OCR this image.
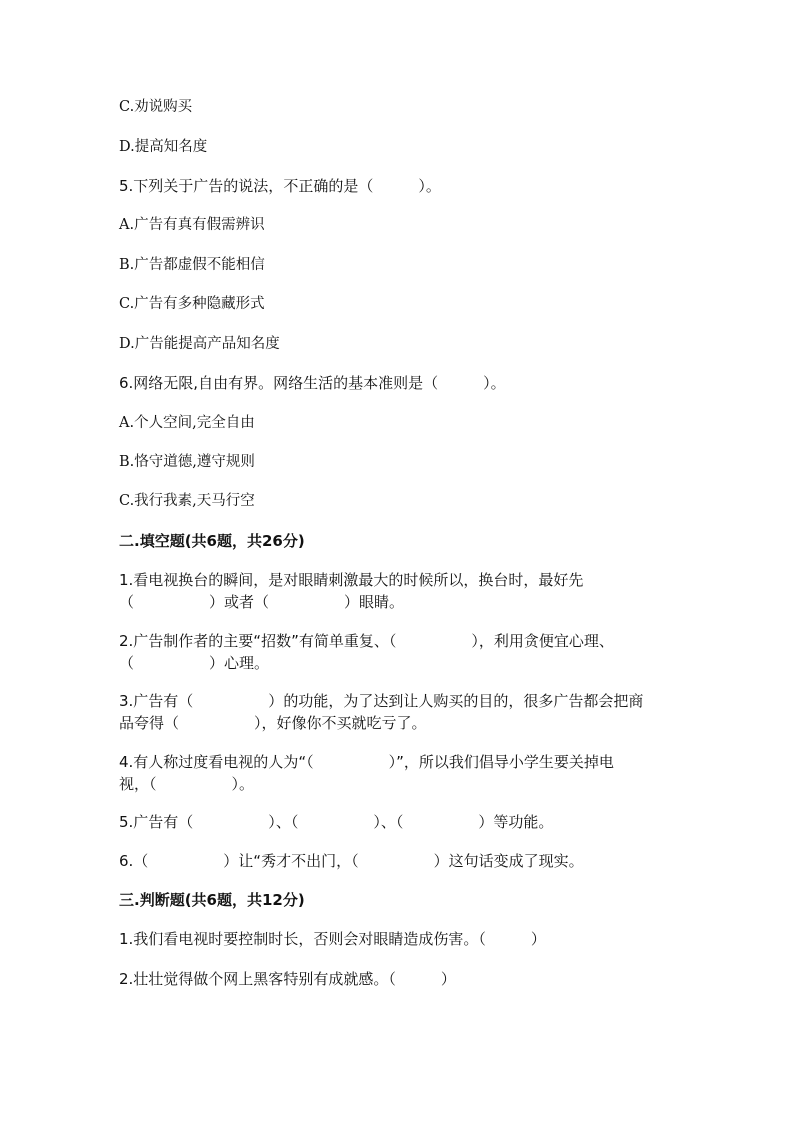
C.劝说购买
D.提高知名度
5.下列关于广告的说法，不正确的是（　　　）。
A.广告有真有假需辨识
B.广告都虚假不能相信
C.广告有多种隐藏形式
D.广告能提高产品知名度
6.网络无限,自由有界。网络生活的基本准则是（　　　）。
A.个人空间,完全自由
B.恪守道德,遵守规则
C.我行我素,天马行空
二.填空题(共6题，共26分)
1.看电视换台的瞬间，是对眼睛刺激最大的时候所以，换台时，最好先
（　　　　　）或者（　　　　　）眼睛。
2.广告制作者的主要“招数”有简单重复、（　　　　　），利用贪便宜心理、
（　　　　　）心理。
3.广告有（　　　　　）的功能，为了达到让人购买的目的，很多广告都会把商
品夸得（　　　　　），好像你不买就吃亏了。
4.有人称过度看电视的人为“（　　　　　）”，所以我们倡导小学生要关掉电
视，（　　　　　）。
5.广告有（　　　　　）、（　　　　　）、（　　　　　）等功能。
6.（　　　　　）让“秀才不出门，（　　　　　）这句话变成了现实。
三.判断题(共6题，共12分)
1.我们看电视时要控制时长，否则会对眼睛造成伤害。（　　　）
2.壮壮觉得做个网上黑客特别有成就感。（　　　）
